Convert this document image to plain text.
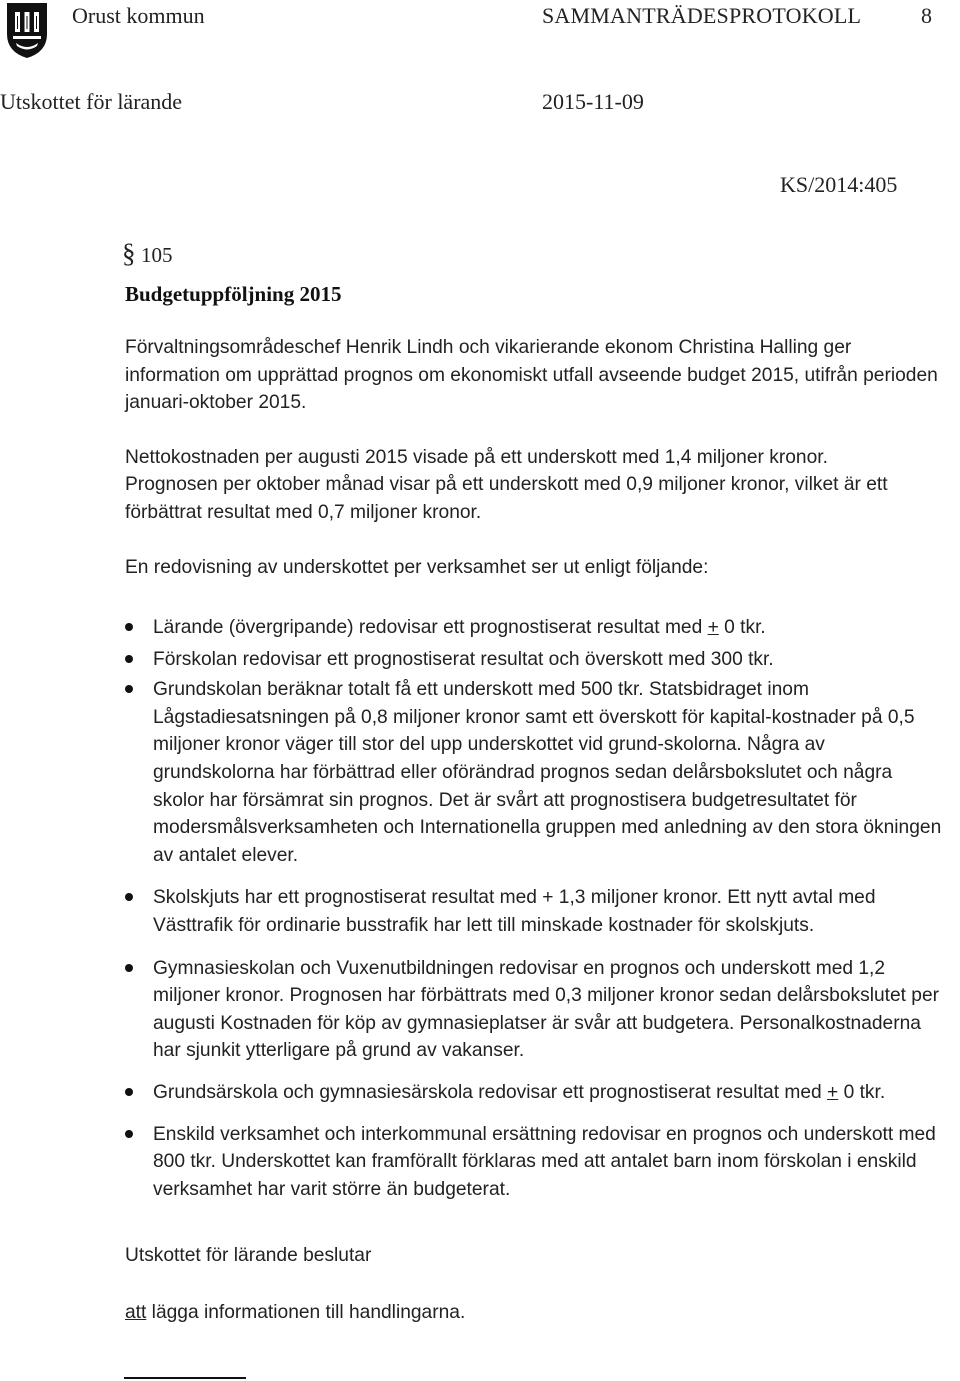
Orust kommun	SAMMANTRÄDESPROTOKOLL	8
Utskottet för lärande	2015-11-09
KS/2014:405
§ 105
Budgetuppföljning 2015

Förvaltningsområdeschef Henrik Lindh och vikarierande ekonom Christina Halling ger information om upprättad prognos om ekonomiskt utfall avseende budget 2015, utifrån perioden januari-oktober 2015.

Nettokostnaden per augusti 2015 visade på ett underskott med 1,4 miljoner kronor.

Prognosen per oktober månad visar på ett underskott med 0,9 miljoner kronor, vilket är ett förbättrat resultat med 0,7 miljoner kronor.

En redovisning av underskottet per verksamhet ser ut enligt följande:

Lärande (övergripande) redovisar ett prognostiserat resultat med + 0 tkr.
Förskolan redovisar ett prognostiserat resultat och överskott med 300 tkr.
Grundskolan beräknar totalt få ett underskott med 500 tkr. Statsbidraget inom Lågstadiesatsningen på 0,8 miljoner kronor samt ett överskott för kapital-kostnader på 0,5 miljoner kronor väger till stor del upp underskottet vid grund-skolorna. Några av grundskolorna har förbättrad eller oförändrad prognos sedan delårsbokslutet och några skolor har försämrat sin prognos. Det är svårt att prognostisera budgetresultatet för modersmålsverksamheten och Internationella gruppen med anledning av den stora ökningen av antalet elever.
Skolskjuts har ett prognostiserat resultat med + 1,3 miljoner kronor. Ett nytt avtal med Västtrafik för ordinarie busstrafik har lett till minskade kostnader för skolskjuts.
Gymnasieskolan och Vuxenutbildningen redovisar en prognos och underskott med 1,2 miljoner kronor. Prognosen har förbättrats med 0,3 miljoner kronor sedan delårsbokslutet per augusti Kostnaden för köp av gymnasieplatser är svår att budgetera. Personalkostnaderna har sjunkit ytterligare på grund av vakanser.
Grundsärskola och gymnasiesärskola redovisar ett prognostiserat resultat med + 0 tkr.
Enskild verksamhet och interkommunal ersättning redovisar en prognos och underskott med 800 tkr. Underskottet kan framförallt förklaras med att antalet barn inom förskolan i enskild verksamhet har varit större än budgeterat.
Utskottet för lärande beslutar
att lägga informationen till handlingarna.
